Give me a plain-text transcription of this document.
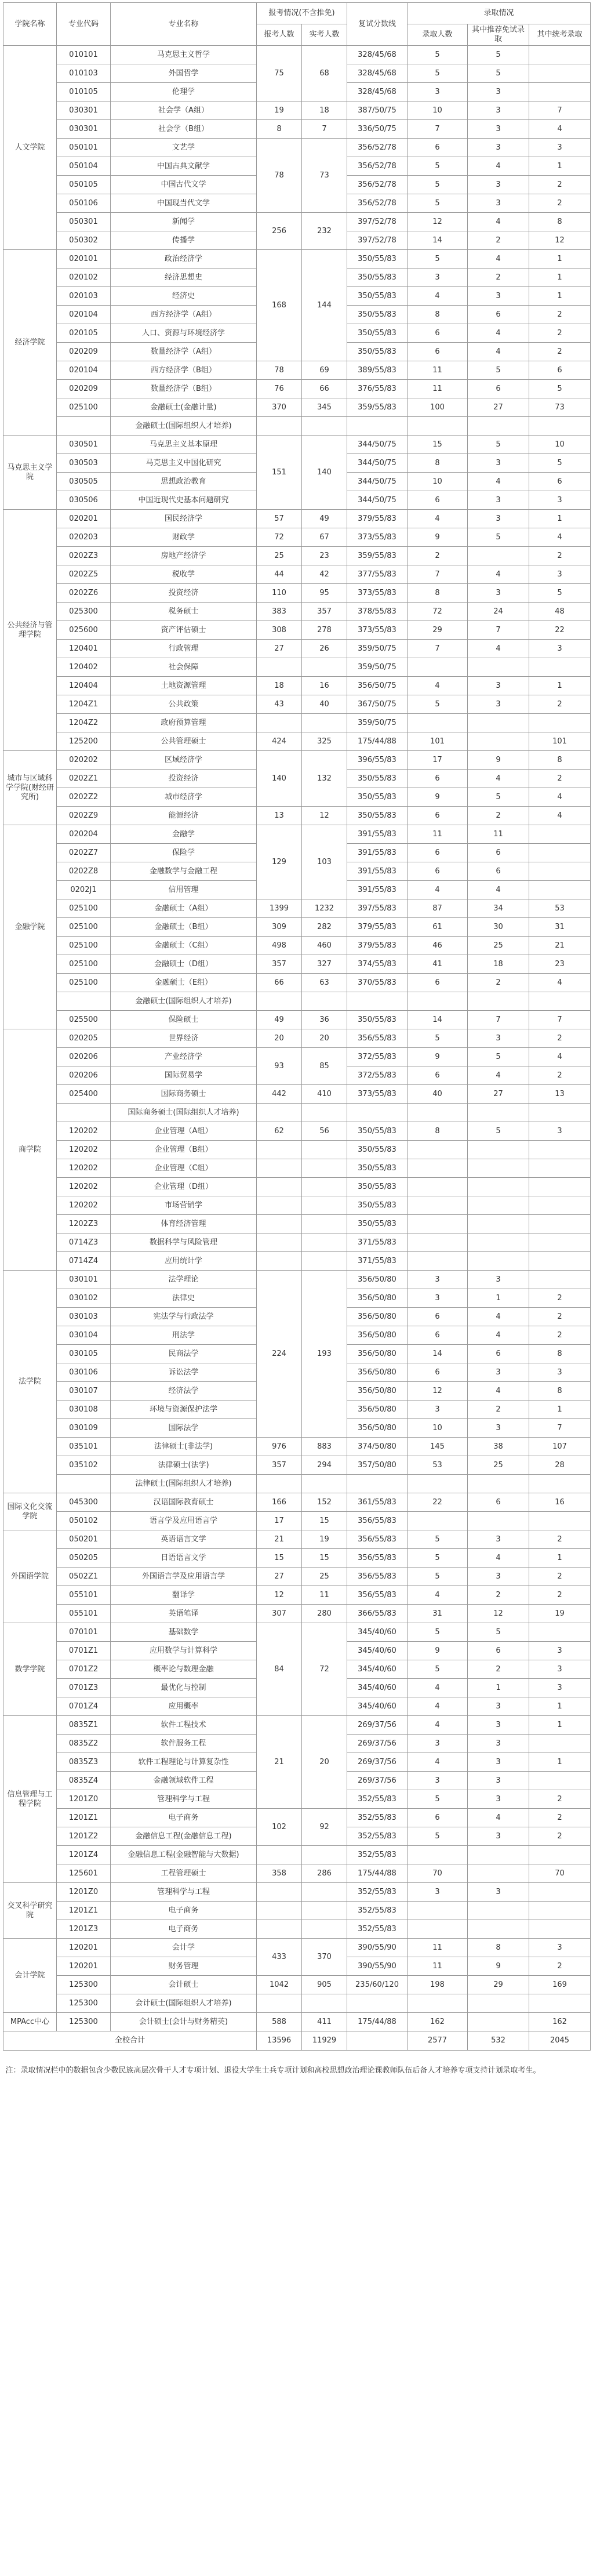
学院名称	专业代码	专业名称	报考情况(不含推免)		复试分数线	录取情况		
			报考人数	实考人数		录取人数	其中推荐免试录取	其中统考录取
人文学院	010101	马克思主义哲学	75	68	328/45/68	5	5	
	010103	外国哲学			328/45/68	5	5	
	010105	伦理学			328/45/68	3	3	
	030301	社会学（A组）	19	18	387/50/75	10	3	7
	030301	社会学（B组）	8	7	336/50/75	7	3	4
	050101	文艺学	78	73	356/52/78	6	3	3
	050104	中国古典文献学			356/52/78	5	4	1
	050105	中国古代文学			356/52/78	5	3	2
	050106	中国现当代文学			356/52/78	5	3	2
	050301	新闻学	256	232	397/52/78	12	4	8
	050302	传播学			397/52/78	14	2	12
经济学院	020101	政治经济学	168	144	350/55/83	5	4	1
	020102	经济思想史			350/55/83	3	2	1
	020103	经济史			350/55/83	4	3	1
	020104	西方经济学（A组）			350/55/83	8	6	2
	020105	人口、资源与环境经济学			350/55/83	6	4	2
	020209	数量经济学（A组）			350/55/83	6	4	2
	020104	西方经济学（B组）	78	69	389/55/83	11	5	6
	020209	数量经济学（B组）	76	66	376/55/83	11	6	5
	025100	金融硕士(金融计量)	370	345	359/55/83	100	27	73
		金融硕士(国际组织人才培养)						
马克思主义学院	030501	马克思主义基本原理	151	140	344/50/75	15	5	10
	030503	马克思主义中国化研究			344/50/75	8	3	5
	030505	思想政治教育			344/50/75	10	4	6
	030506	中国近现代史基本问题研究			344/50/75	6	3	3
公共经济与管理学院	020201	国民经济学	57	49	379/55/83	4	3	1
	020203	财政学	72	67	373/55/83	9	5	4
	0202Z3	房地产经济学	25	23	359/55/83	2		2
	0202Z5	税收学	44	42	377/55/83	7	4	3
	0202Z6	投资经济	110	95	373/55/83	8	3	5
	025300	税务硕士	383	357	378/55/83	72	24	48
	025600	资产评估硕士	308	278	373/55/83	29	7	22
	120401	行政管理	27	26	359/50/75	7	4	3
	120402	社会保障			359/50/75			
	120404	土地资源管理	18	16	356/50/75	4	3	1
	1204Z1	公共政策	43	40	367/50/75	5	3	2
	1204Z2	政府预算管理			359/50/75			
	125200	公共管理硕士	424	325	175/44/88	101		101
城市与区域科学学院(财经研究所)	020202	区域经济学	140	132	396/55/83	17	9	8
	0202Z1	投资经济			350/55/83	6	4	2
	0202Z2	城市经济学			350/55/83	9	5	4
	0202Z9	能源经济	13	12	350/55/83	6	2	4
金融学院	020204	金融学	129	103	391/55/83	11	11	
	0202Z7	保险学			391/55/83	6	6	
	0202Z8	金融数学与金融工程			391/55/83	6	6	
	0202J1	信用管理			391/55/83	4	4	
	025100	金融硕士（A组）	1399	1232	397/55/83	87	34	53
	025100	金融硕士（B组）	309	282	379/55/83	61	30	31
	025100	金融硕士（C组）	498	460	379/55/83	46	25	21
	025100	金融硕士（D组）	357	327	374/55/83	41	18	23
	025100	金融硕士（E组）	66	63	370/55/83	6	2	4
		金融硕士(国际组织人才培养)						
	025500	保险硕士	49	36	350/55/83	14	7	7
商学院	020205	世界经济	20	20	356/55/83	5	3	2
	020206	产业经济学	93	85	372/55/83	9	5	4
	020206	国际贸易学			372/55/83	6	4	2
	025400	国际商务硕士	442	410	373/55/83	40	27	13
		国际商务硕士(国际组织人才培养)						
	120202	企业管理（A组）	62	56	350/55/83	8	5	3
	120202	企业管理（B组）			350/55/83			
	120202	企业管理（C组）			350/55/83			
	120202	企业管理（D组）			350/55/83			
	120202	市场营销学			350/55/83			
	1202Z3	体育经济管理			350/55/83			
	0714Z3	数据科学与风险管理			371/55/83			
	0714Z4	应用统计学			371/55/83			
法学院	030101	法学理论	224	193	356/50/80	3	3	
	030102	法律史			356/50/80	3	1	2
	030103	宪法学与行政法学			356/50/80	6	4	2
	030104	刑法学			356/50/80	6	4	2
	030105	民商法学			356/50/80	14	6	8
	030106	诉讼法学			356/50/80	6	3	3
	030107	经济法学			356/50/80	12	4	8
	030108	环境与资源保护法学			356/50/80	3	2	1
	030109	国际法学			356/50/80	10	3	7
	035101	法律硕士(非法学)	976	883	374/50/80	145	38	107
	035102	法律硕士(法学)	357	294	357/50/80	53	25	28
		法律硕士(国际组织人才培养)						
国际文化交流学院	045300	汉语国际教育硕士	166	152	361/55/83	22	6	16
	050102	语言学及应用语言学	17	15	356/55/83			
外国语学院	050201	英语语言文学	21	19	356/55/83	5	3	2
	050205	日语语言文学	15	15	356/55/83	5	4	1
	0502Z1	外国语言学及应用语言学	27	25	356/55/83	5	3	2
	055101	翻译学	12	11	356/55/83	4	2	2
	055101	英语笔译	307	280	366/55/83	31	12	19
数学学院	070101	基础数学	84	72	345/40/60	5	5	
	0701Z1	应用数学与计算科学			345/40/60	9	6	3
	0701Z2	概率论与数理金融			345/40/60	5	2	3
	0701Z3	最优化与控制			345/40/60	4	1	3
	0701Z4	应用概率			345/40/60	4	3	1
信息管理与工程学院	0835Z1	软件工程技术	21	20	269/37/56	4	3	1
	0835Z2	软件服务工程			269/37/56	3	3	
	0835Z3	软件工程理论与计算复杂性			269/37/56	4	3	1
	0835Z4	金融领域软件工程			269/37/56	3	3	
	1201Z0	管理科学与工程			352/55/83	5	3	2
	1201Z1	电子商务	102	92	352/55/83	6	4	2
	1201Z2	金融信息工程(金融信息工程)			352/55/83	5	3	2
	1201Z4	金融信息工程(金融智能与大数据)			352/55/83			
	125601	工程管理硕士	358	286	175/44/88	70		70
交叉科学研究院	1201Z0	管理科学与工程			352/55/83	3	3	
	1201Z1	电子商务			352/55/83			
	1201Z3	电子商务			352/55/83			
会计学院	120201	会计学	433	370	390/55/90	11	8	3
	120201	财务管理			390/55/90	11	9	2
	125300	会计硕士	1042	905	235/60/120	198	29	169
	125300	会计硕士(国际组织人才培养)						
MPAcc中心	125300	会计硕士(会计与财务精英)	588	411	175/44/88	162		162
全校合计			13596	11929		2577	532	2045
注：录取情况栏中的数据包含少数民族高层次骨干人才专项计划、退役大学生士兵专项计划和高校思想政治理论课教师队伍后备人才培养专项支持计划录取考生。								
